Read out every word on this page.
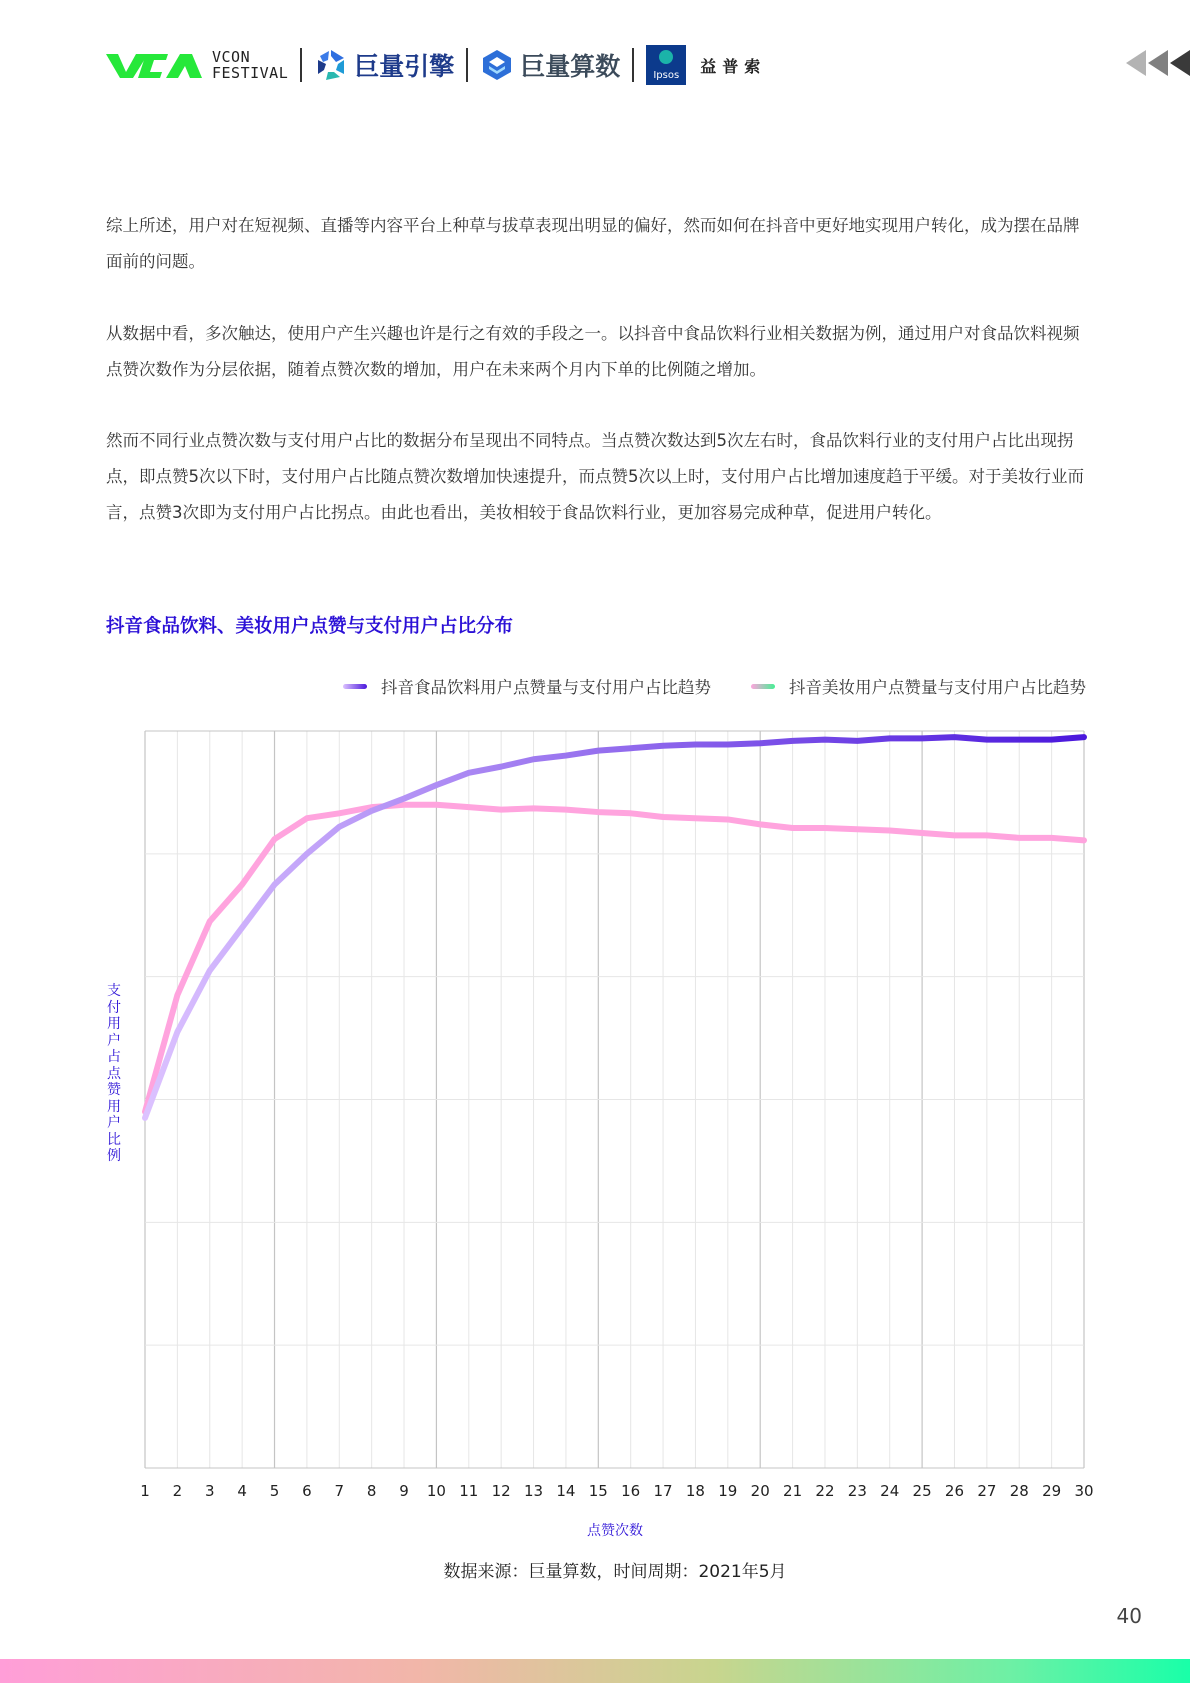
VCON
FESTIVAL	巨量引擎	巨量算数	Ipsos 益普索

综上所述，用户对在短视频、直播等内容平台上种草与拔草表现出明显的偏好，然而如何在抖音中更好地实现用户转化，成为摆在品牌面前的问题。

从数据中看，多次触达，使用户产生兴趣也许是行之有效的手段之一。以抖音中食品饮料行业相关数据为例，通过用户对食品饮料视频点赞次数作为分层依据，随着点赞次数的增加，用户在未来两个月内下单的比例随之增加。

然而不同行业点赞次数与支付用户占比的数据分布呈现出不同特点。当点赞次数达到5次左右时，食品饮料行业的支付用户占比出现拐点，即点赞5次以下时，支付用户占比随点赞次数增加快速提升，而点赞5次以上时，支付用户占比增加速度趋于平缓。对于美妆行业而言，点赞3次即为支付用户占比拐点。由此也看出，美妆相较于食品饮料行业，更加容易完成种草，促进用户转化。

抖音食品饮料、美妆用户点赞与支付用户占比分布
抖音食品饮料用户点赞量与支付用户占比趋势	抖音美妆用户点赞量与支付用户占比趋势
1 2 3 4 5 6 7 8 9 10 11 12 13 14 15 16 17 18 19 20 21 22 23 24 25 26 27 28 29 30
支付用户占点赞用户比例
点赞次数
数据来源：巨量算数，时间周期：2021年5月
40
